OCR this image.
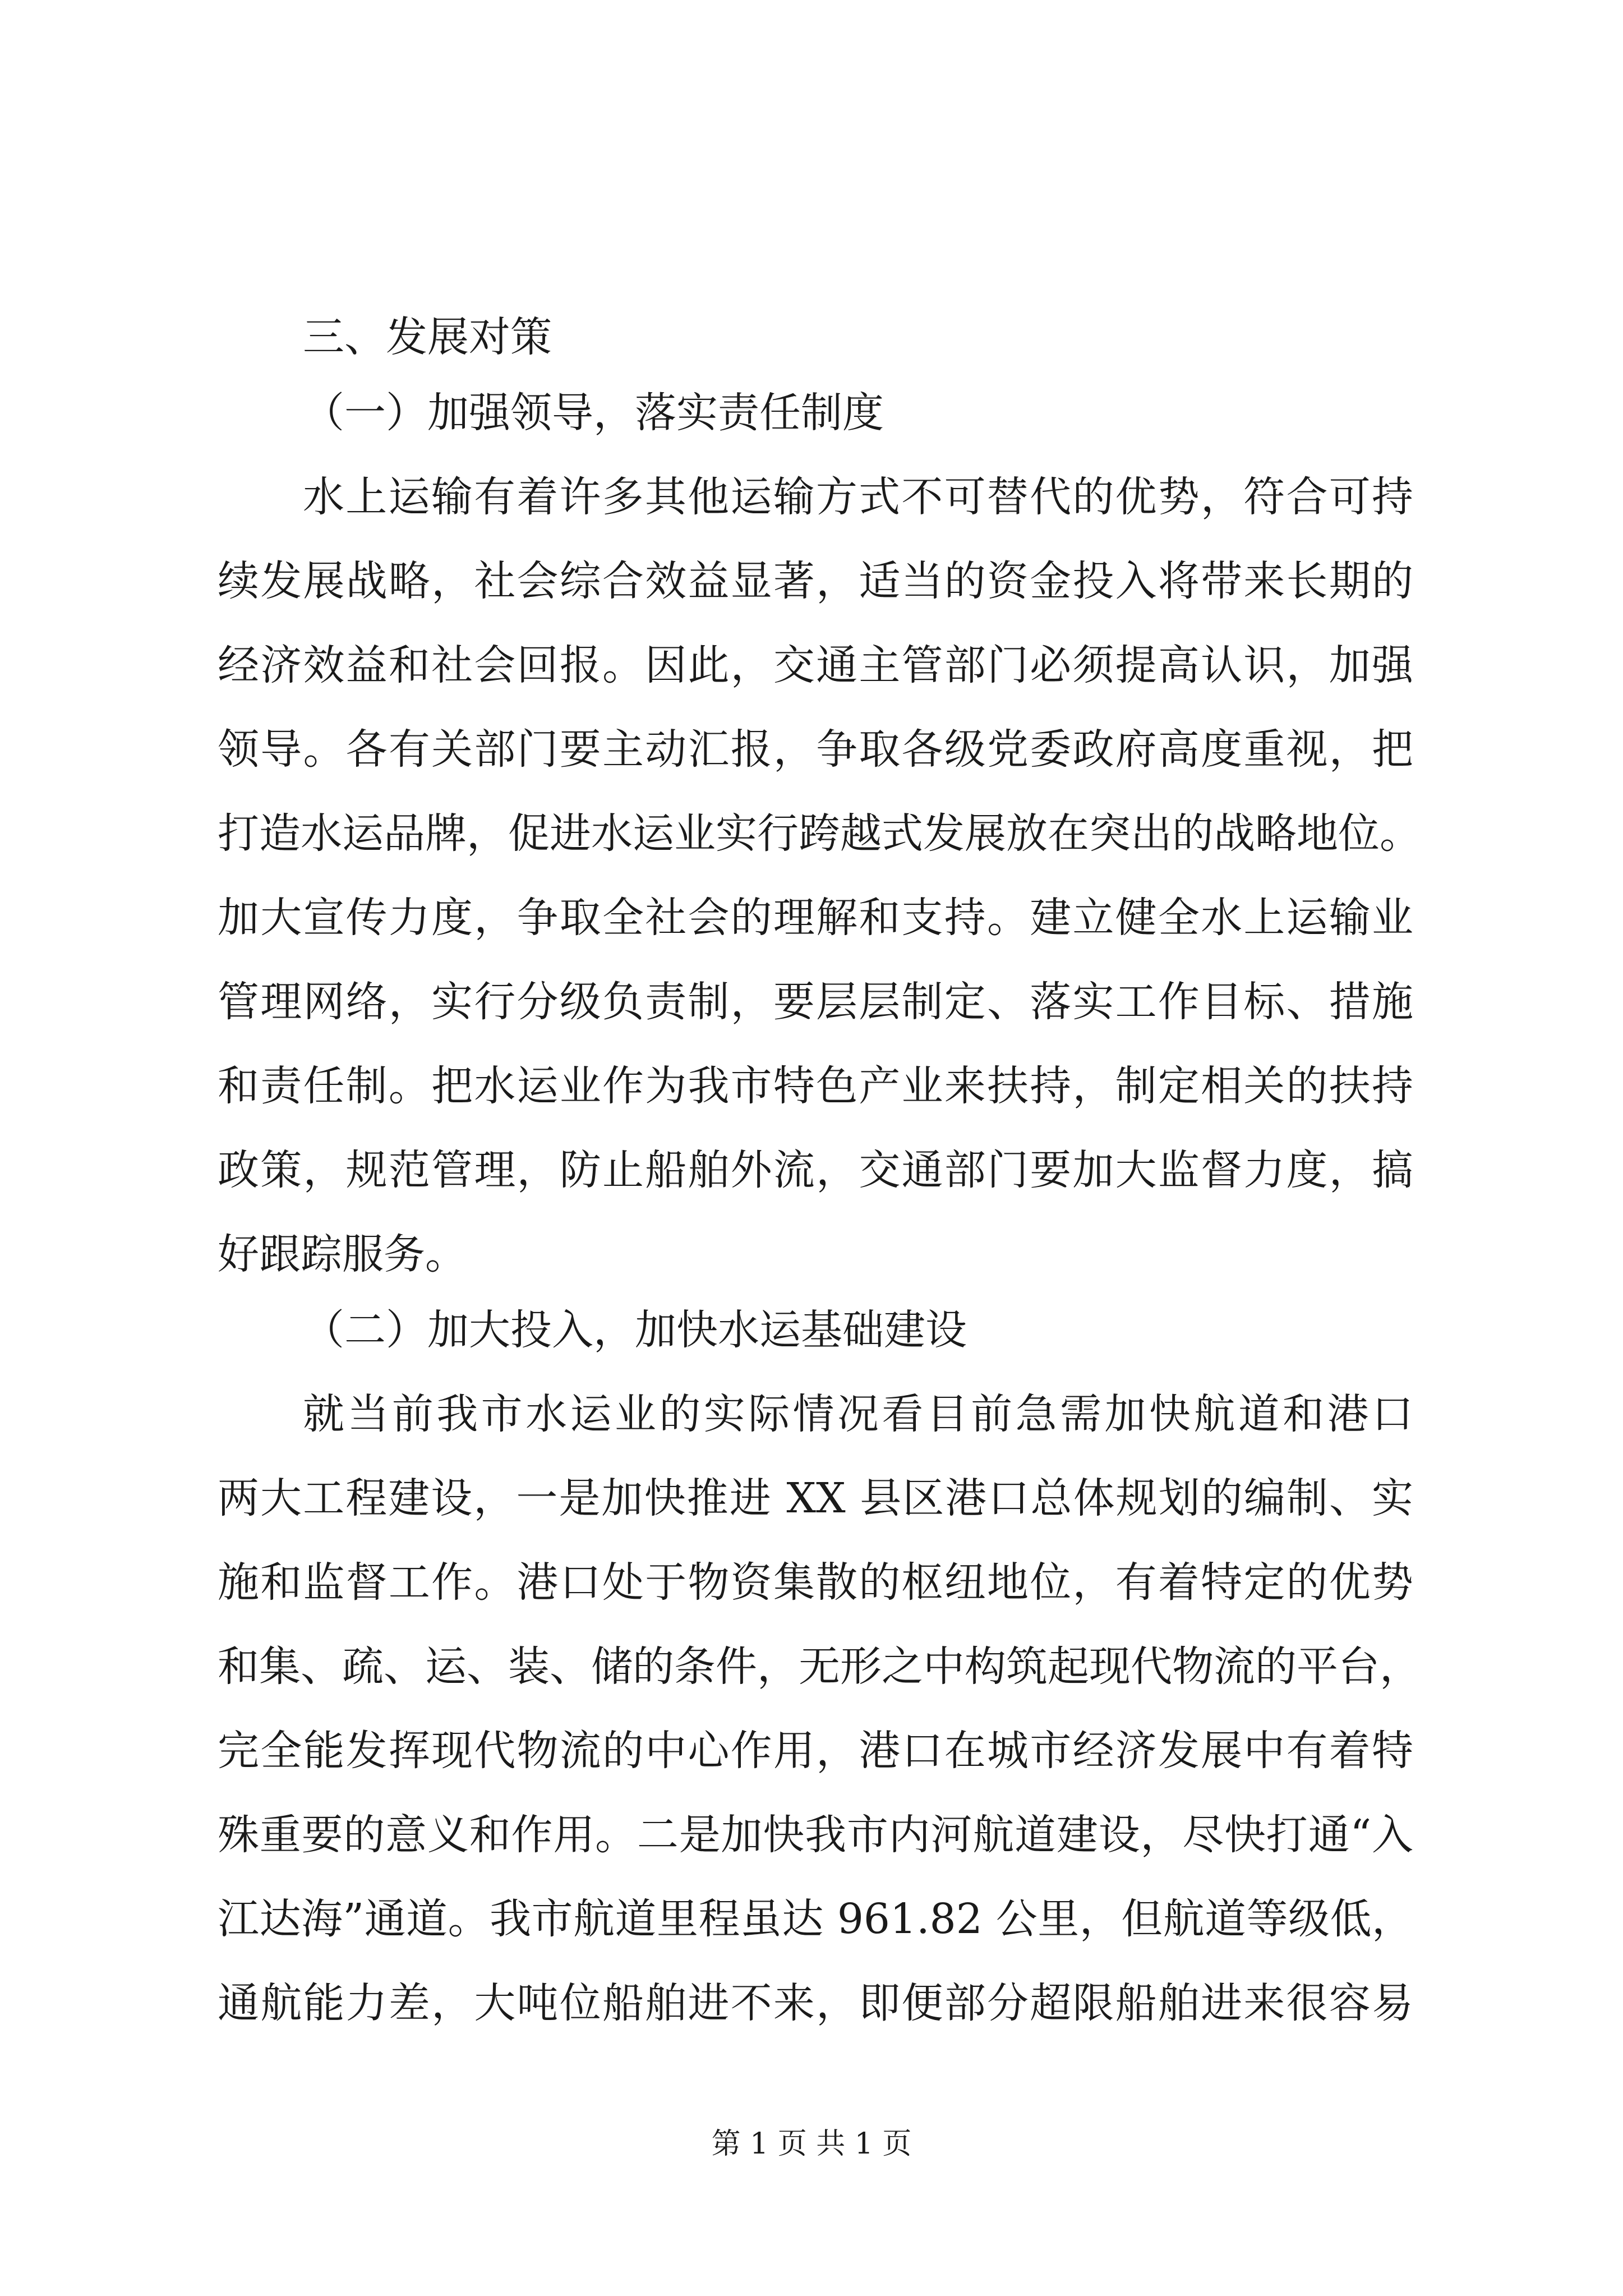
三、发展对策
（一）加强领导，落实责任制度
水上运输有着许多其他运输方式不可替代的优势，符合可持
续发展战略，社会综合效益显著，适当的资金投入将带来长期的
经济效益和社会回报。因此，交通主管部门必须提高认识，加强
领导。各有关部门要主动汇报，争取各级党委政府高度重视，把
打造水运品牌，促进水运业实行跨越式发展放在突出的战略地位。
加大宣传力度，争取全社会的理解和支持。建立健全水上运输业
管理网络，实行分级负责制，要层层制定、落实工作目标、措施
和责任制。把水运业作为我市特色产业来扶持，制定相关的扶持
政策，规范管理，防止船舶外流，交通部门要加大监督力度，搞
好跟踪服务。
（二）加大投入，加快水运基础建设
就当前我市水运业的实际情况看目前急需加快航道和港口
两大工程建设，一是加快推进 XX 县区港口总体规划的编制、实
施和监督工作。港口处于物资集散的枢纽地位，有着特定的优势
和集、疏、运、装、储的条件，无形之中构筑起现代物流的平台，
完全能发挥现代物流的中心作用，港口在城市经济发展中有着特
殊重要的意义和作用。二是加快我市内河航道建设，尽快打通“入
江达海”通道。我市航道里程虽达 961.82 公里，但航道等级低，
通航能力差，大吨位船舶进不来，即便部分超限船舶进来很容易
第 1 页 共 1 页
